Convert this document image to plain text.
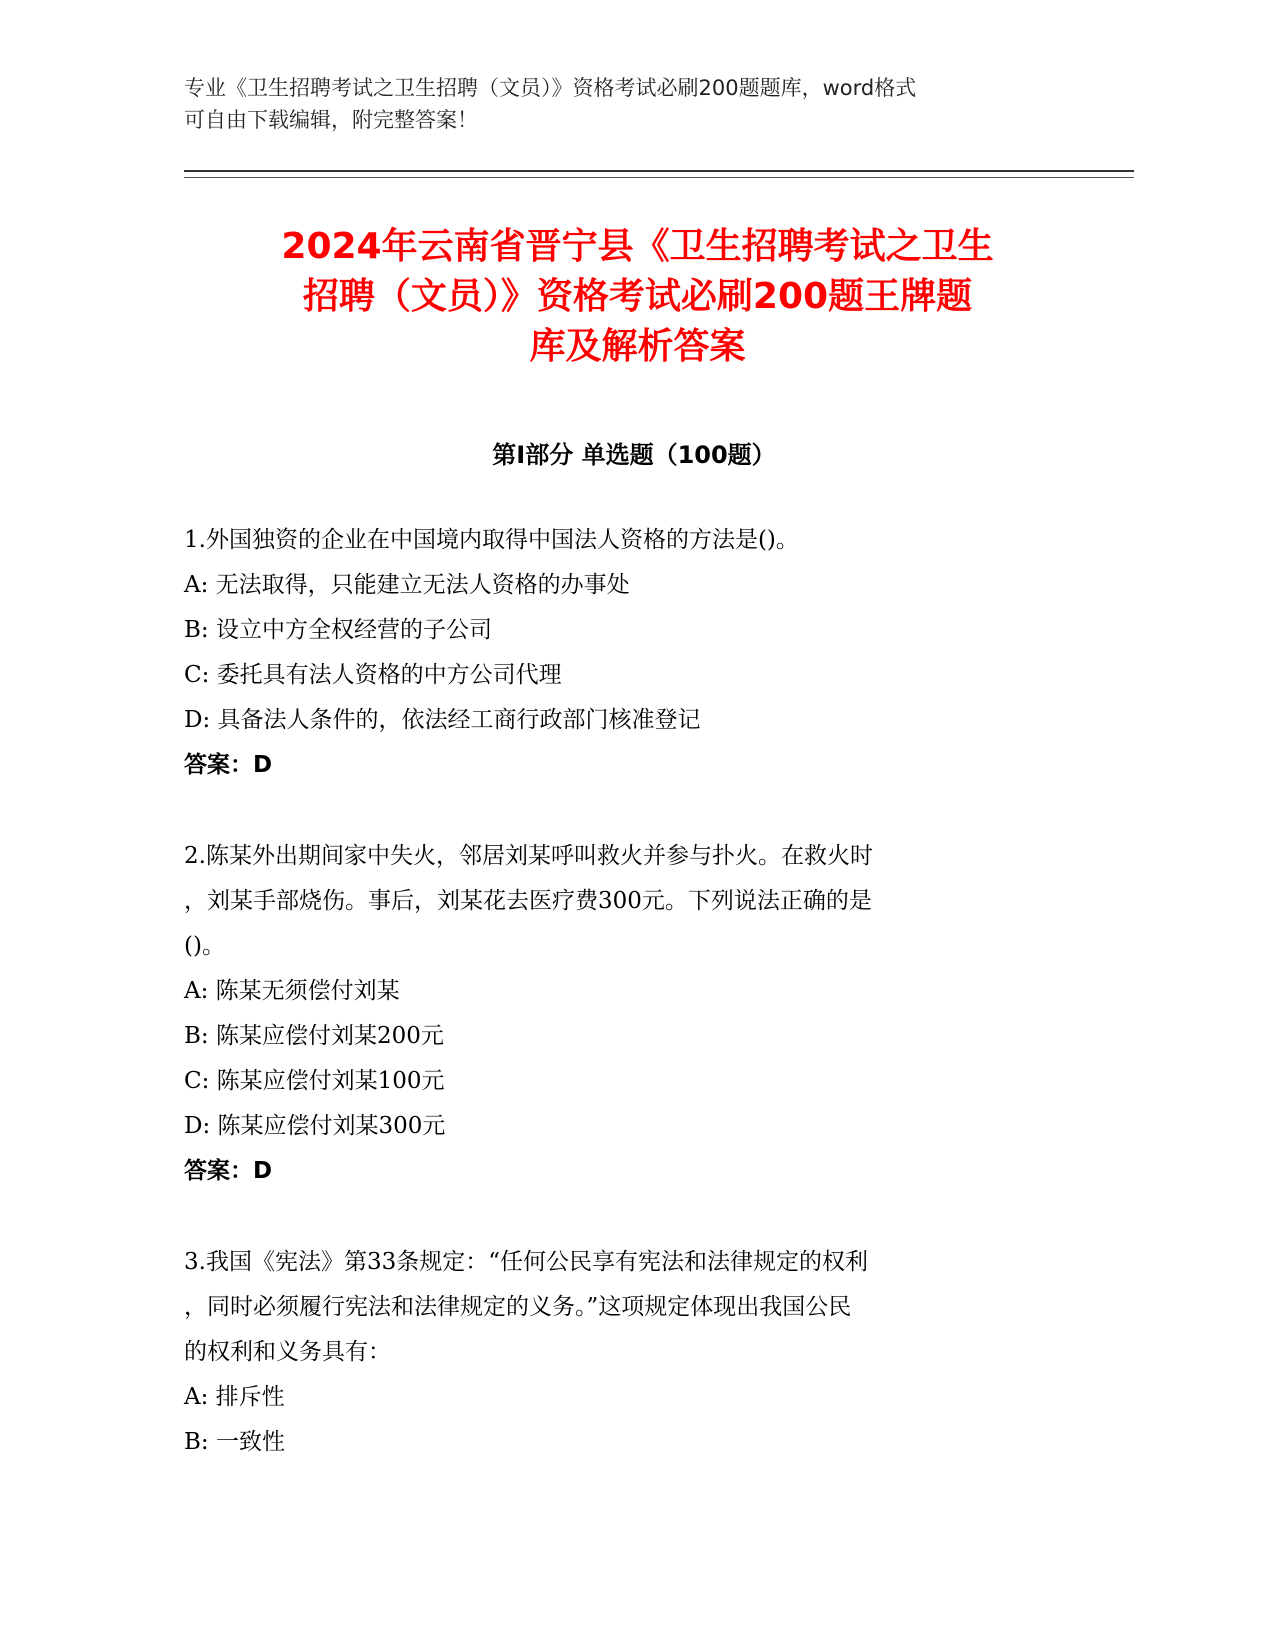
专业《卫生招聘考试之卫生招聘（文员）》资格考试必刷200题题库，word格式
可自由下载编辑，附完整答案！
2024年云南省晋宁县《卫生招聘考试之卫生
招聘（文员）》资格考试必刷200题王牌题
库及解析答案
第I部分 单选题（100题）
1.外国独资的企业在中国境内取得中国法人资格的方法是()。
A: 无法取得，只能建立无法人资格的办事处
B: 设立中方全权经营的子公司
C: 委托具有法人资格的中方公司代理
D: 具备法人条件的，依法经工商行政部门核准登记
答案：D
2.陈某外出期间家中失火，邻居刘某呼叫救火并参与扑火。在救火时
，刘某手部烧伤。事后，刘某花去医疗费300元。下列说法正确的是
()。
A: 陈某无须偿付刘某
B: 陈某应偿付刘某200元
C: 陈某应偿付刘某100元
D: 陈某应偿付刘某300元
答案：D
3.我国《宪法》第33条规定：“任何公民享有宪法和法律规定的权利
，同时必须履行宪法和法律规定的义务。”这项规定体现出我国公民
的权利和义务具有：
A: 排斥性
B: 一致性
